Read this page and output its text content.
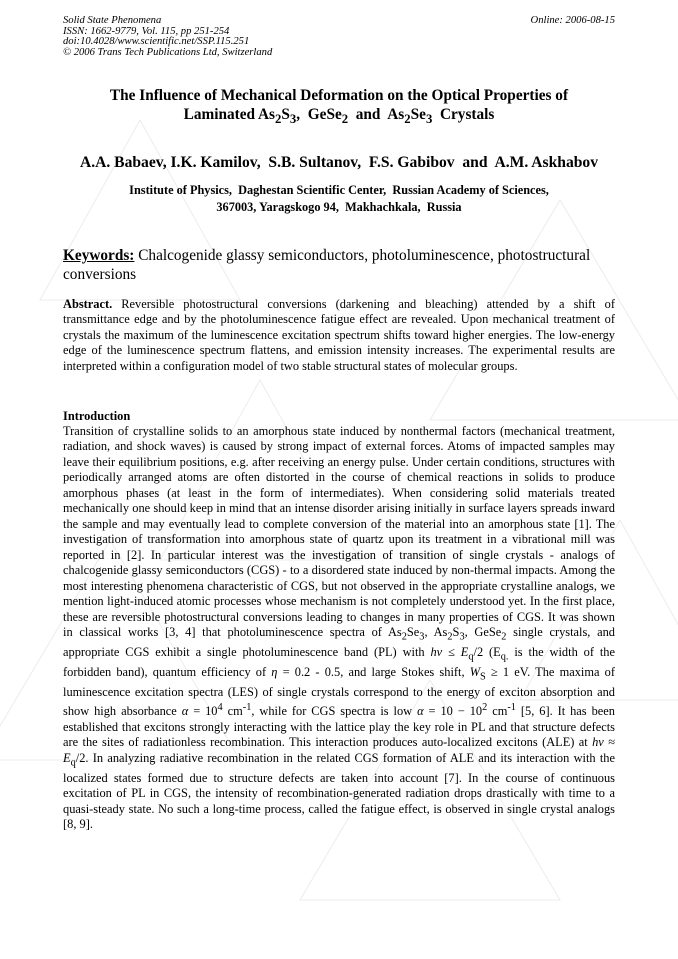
Solid State Phenomena
ISSN: 1662-9779, Vol. 115, pp 251-254
doi:10.4028/www.scientific.net/SSP.115.251
© 2006 Trans Tech Publications Ltd, Switzerland
Online: 2006-08-15
The Influence of Mechanical Deformation on the Optical Properties of
Laminated $As_2S_3$,  GeSe$_2$  and  $As_2Se_3$  Crystals
A.A. Babaev, I.K. Kamilov,  S.B. Sultanov,  F.S. Gabibov  and  A.M. Askhabov
Institute of Physics,  Daghestan Scientific Center,  Russian Academy of Sciences,
367003, Yaragskogo 94,  Makhachkala,  Russia
Keywords: Chalcogenide glassy semiconductors, photoluminescence, photostructural conversions
Abstract. Reversible photostructural conversions (darkening and bleaching) attended by a shift of transmittance edge and by the photoluminescence fatigue effect are revealed. Upon mechanical treatment of crystals the maximum of the luminescence excitation spectrum shifts toward higher energies. The low-energy edge of the luminescence spectrum flattens, and emission intensity increases. The experimental results are interpreted within a configuration model of two stable structural states of molecular groups.
Introduction
Transition of crystalline solids to an amorphous state induced by nonthermal factors (mechanical treatment, radiation, and shock waves) is caused by strong impact of external forces. Atoms of impacted samples may leave their equilibrium positions, e.g. after receiving an energy pulse. Under certain conditions, structures with periodically arranged atoms are often distorted in the course of chemical reactions in solids to produce amorphous phases (at least in the form of intermediates). When considering solid materials treated mechanically one should keep in mind that an intense disorder arising initially in surface layers spreads inward the sample and may eventually lead to complete conversion of the material into an amorphous state [1]. The investigation of transformation into amorphous state of quartz upon its treatment in a vibrational mill was reported in [2]. In particular interest was the investigation of transition of single crystals - analogs of chalcogenide glassy semiconductors (CGS) - to a disordered state induced by non-thermal impacts. Among the most interesting phenomena characteristic of CGS, but not observed in the appropriate crystalline analogs, we mention light-induced atomic processes whose mechanism is not completely understood yet. In the first place, these are reversible photostructural conversions leading to changes in many properties of CGS. It was shown in classical works [3, 4] that photoluminescence spectra of $As_2Se_3$, $As_2S_3$, GeSe$_2$ single crystals, and appropriate CGS exhibit a single photoluminescence band (PL) with $h\nu \le E_q/2$ ($E_{q.}$ is the width of the forbidden band), quantum efficiency of η = 0.2 - 0.5, and large Stokes shift, $W_S \ge 1$ eV. The maxima of luminescence excitation spectra (LES) of single crystals correspond to the energy of exciton absorption and show high absorbance $\alpha = 10^4$ $cm^{-1}$, while for CGS spectra is low $\alpha = 10 - 10^2$ $cm^{-1}$ [5, 6]. It has been established that excitons strongly interacting with the lattice play the key role in PL and that structure defects are the sites of radiationless recombination. This interaction produces auto-localized excitons (ALE) at $h\nu \approx E_q/2$. In analyzing radiative recombination in the related CGS formation of ALE and its interaction with the localized states formed due to structure defects are taken into account [7]. In the course of continuous excitation of PL in CGS, the intensity of recombination-generated radiation drops drastically with time to a quasi-steady state. No such a long-time process, called the fatigue effect, is observed in single crystal analogs [8, 9].
